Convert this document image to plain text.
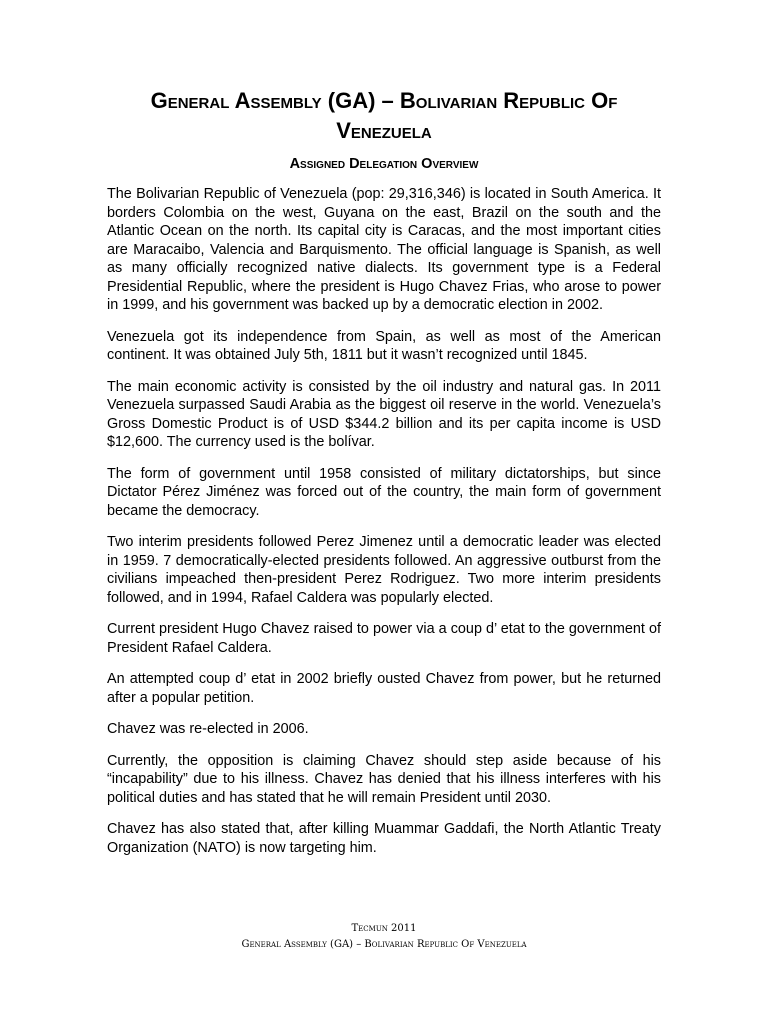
General Assembly (GA) – Bolivarian Republic Of
Venezuela
Assigned Delegation Overview

The Bolivarian Republic of Venezuela (pop: 29,316,346) is located in South America. It borders Colombia on the west, Guyana on the east, Brazil on the south and the Atlantic Ocean on the north. Its capital city is Caracas, and the most important cities are Maracaibo, Valencia and Barquismento. The official language is Spanish, as well as many officially recognized native dialects. Its government type is a Federal Presidential Republic, where the president is Hugo Chavez Frias, who arose to power in 1999, and his government was backed up by a democratic election in 2002.

Venezuela got its independence from Spain, as well as most of the American continent. It was obtained July 5th, 1811 but it wasn’t recognized until 1845.

The main economic activity is consisted by the oil industry and natural gas. In 2011 Venezuela surpassed Saudi Arabia as the biggest oil reserve in the world. Venezuela’s Gross Domestic Product is of USD $344.2 billion and its per capita income is USD $12,600. The currency used is the bolívar.

The form of government until 1958 consisted of military dictatorships, but since Dictator Pérez Jiménez was forced out of the country, the main form of government became the democracy.

Two interim presidents followed Perez Jimenez until a democratic leader was elected in 1959. 7 democratically-elected presidents followed. An aggressive outburst from the civilians impeached then-president Perez Rodriguez. Two more interim presidents followed, and in 1994, Rafael Caldera was popularly elected.

Current president Hugo Chavez raised to power via a coup d’ etat to the government of President Rafael Caldera.

An attempted coup d’ etat in 2002 briefly ousted Chavez from power, but he returned after a popular petition.

Chavez was re-elected in 2006.

Currently, the opposition is claiming Chavez should step aside because of his “incapability” due to his illness. Chavez has denied that his illness interferes with his political duties and has stated that he will remain President until 2030.

Chavez has also stated that, after killing Muammar Gaddafi, the North Atlantic Treaty Organization (NATO) is now targeting him.

Tecmun 2011
General Assembly (GA) – Bolivarian Republic Of Venezuela
